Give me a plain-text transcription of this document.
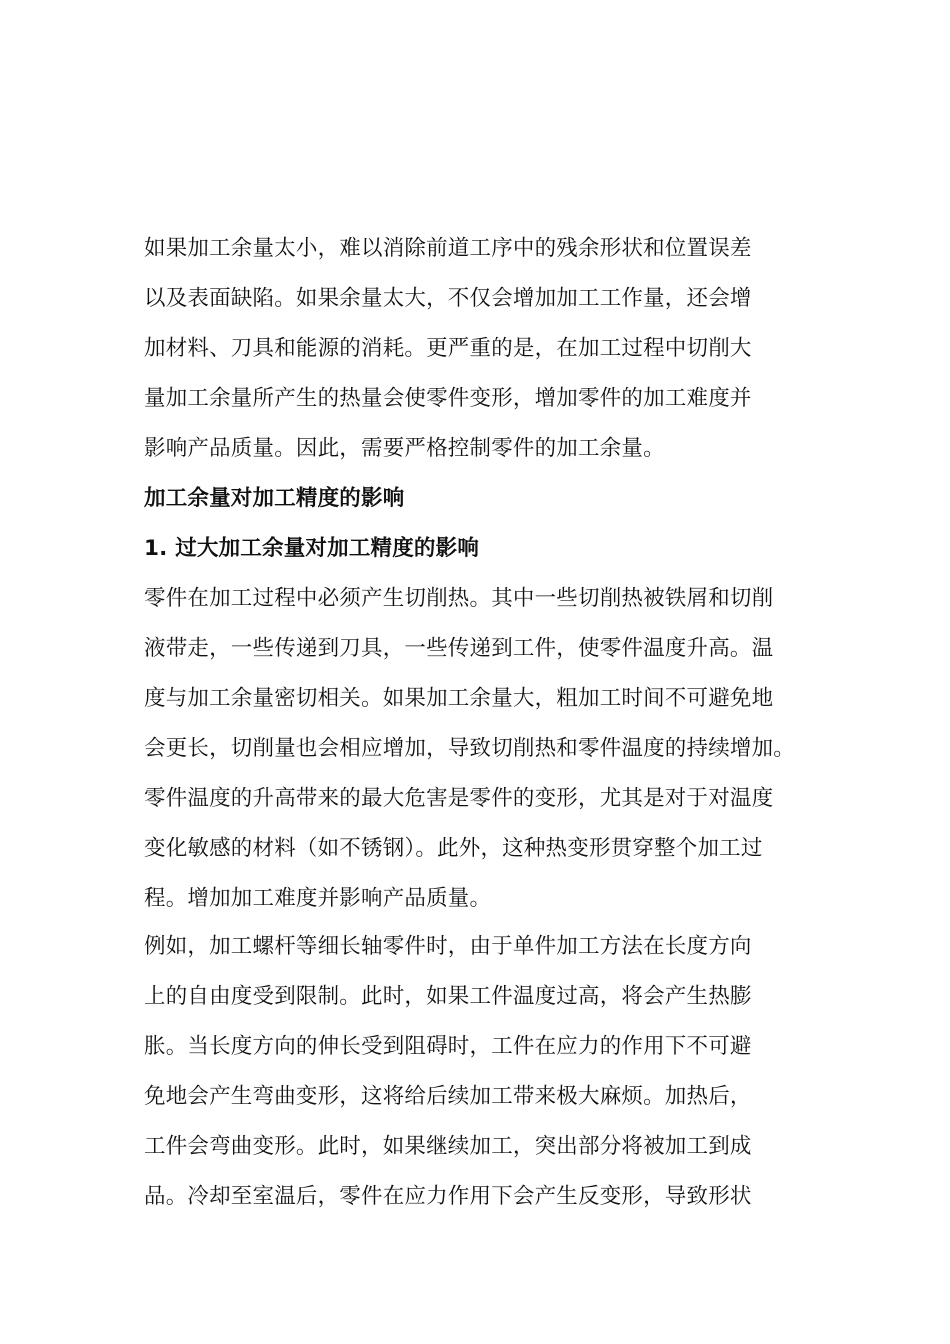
如果加工余量太小，难以消除前道工序中的残余形状和位置误差
以及表面缺陷。如果余量太大，不仅会增加加工工作量，还会增
加材料、刀具和能源的消耗。更严重的是，在加工过程中切削大
量加工余量所产生的热量会使零件变形，增加零件的加工难度并
影响产品质量。因此，需要严格控制零件的加工余量。
加工余量对加工精度的影响
1. 过大加工余量对加工精度的影响
零件在加工过程中必须产生切削热。其中一些切削热被铁屑和切削
液带走，一些传递到刀具，一些传递到工件，使零件温度升高。温
度与加工余量密切相关。如果加工余量大，粗加工时间不可避免地
会更长，切削量也会相应增加，导致切削热和零件温度的持续增加。
零件温度的升高带来的最大危害是零件的变形，尤其是对于对温度
变化敏感的材料（如不锈钢）。此外，这种热变形贯穿整个加工过
程。增加加工难度并影响产品质量。
例如，加工螺杆等细长轴零件时，由于单件加工方法在长度方向
上的自由度受到限制。此时，如果工件温度过高，将会产生热膨
胀。当长度方向的伸长受到阻碍时，工件在应力的作用下不可避
免地会产生弯曲变形，这将给后续加工带来极大麻烦。加热后，
工件会弯曲变形。此时，如果继续加工，突出部分将被加工到成
品。冷却至室温后，零件在应力作用下会产生反变形，导致形状
